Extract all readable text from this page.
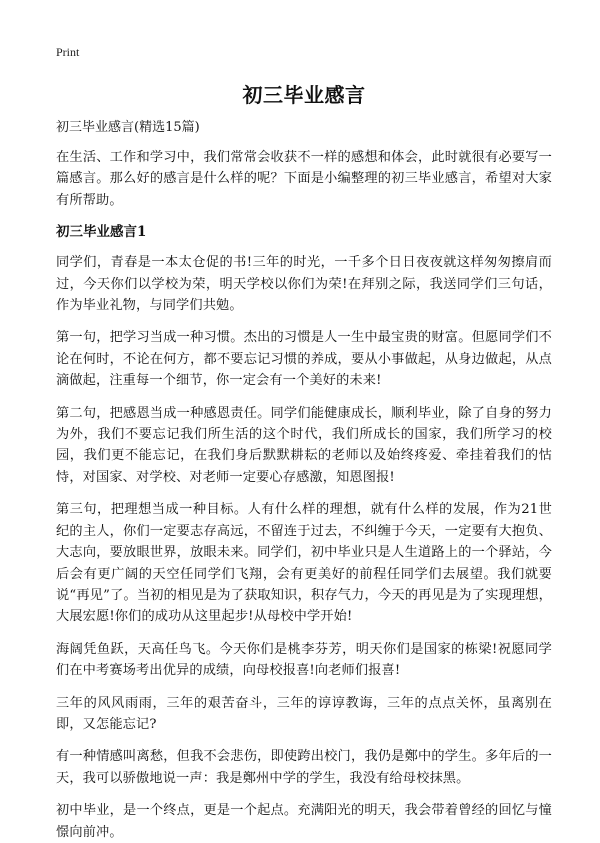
Print
初三毕业感言
初三毕业感言(精选15篇)

在生活、工作和学习中，我们常常会收获不一样的感想和体会，此时就很有必要写一篇感言。那么好的感言是什么样的呢？下面是小编整理的初三毕业感言，希望对大家有所帮助。

初三毕业感言1

同学们，青春是一本太仓促的书!三年的时光，一千多个日日夜夜就这样匆匆擦肩而过，今天你们以学校为荣，明天学校以你们为荣!在拜别之际，我送同学们三句话，作为毕业礼物，与同学们共勉。

第一句，把学习当成一种习惯。杰出的习惯是人一生中最宝贵的财富。但愿同学们不论在何时，不论在何方，都不要忘记习惯的养成，要从小事做起，从身边做起，从点滴做起，注重每一个细节，你一定会有一个美好的未来!

第二句，把感恩当成一种感恩责任。同学们能健康成长，顺利毕业，除了自身的努力为外，我们不要忘记我们所生活的这个时代，我们所成长的国家，我们所学习的校园，我们更不能忘记，在我们身后默默耕耘的老师以及始终疼爱、牵挂着我们的怙恃，对国家、对学校、对老师一定要心存感激，知恩图报!

第三句，把理想当成一种目标。人有什么样的理想，就有什么样的发展，作为21世纪的主人，你们一定要志存高远，不留连于过去，不纠缠于今天，一定要有大抱负、大志向，要放眼世界，放眼未来。同学们，初中毕业只是人生道路上的一个驿站，今后会有更广阔的天空任同学们飞翔，会有更美好的前程任同学们去展望。我们就要说“再见”了。当初的相见是为了获取知识，积存气力，今天的再见是为了实现理想，大展宏愿!你们的成功从这里起步!从母校中学开始!

海阔凭鱼跃，天高任鸟飞。今天你们是桃李芬芳，明天你们是国家的栋梁!祝愿同学们在中考赛场考出优异的成绩，向母校报喜!向老师们报喜!

三年的风风雨雨，三年的艰苦奋斗，三年的谆谆教诲，三年的点点关怀，虽离别在即，又怎能忘记?

有一种情感叫离愁，但我不会悲伤，即使跨出校门，我仍是鄭中的学生。多年后的一天，我可以骄傲地说一声：我是鄭州中学的学生，我没有给母校抹黑。

初中毕业，是一个终点，更是一个起点。充满阳光的明天，我会带着曾经的回忆与憧憬向前冲。
